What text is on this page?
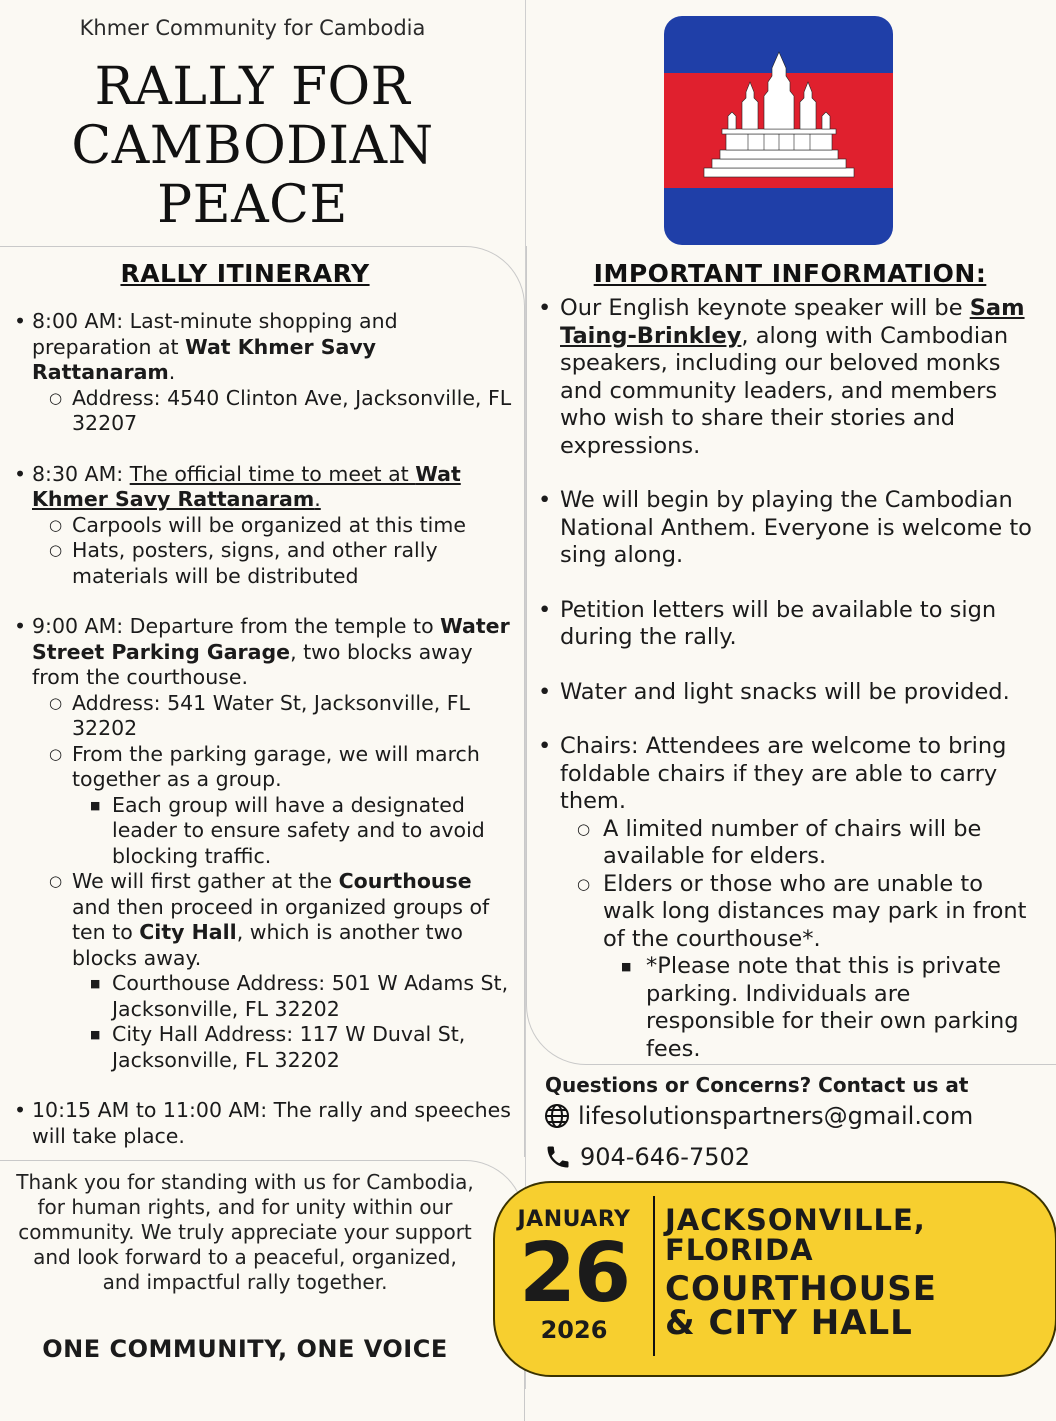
Khmer Community for Cambodia
RALLY FOR
CAMBODIAN
PEACE
RALLY ITINERARY
• 8:00 AM: Last-minute shopping and preparation at Wat Khmer Savy Rattanaram.
○ Address: 4540 Clinton Ave, Jacksonville, FL 32207
• 8:30 AM: The official time to meet at Wat Khmer Savy Rattanaram.
○ Carpools will be organized at this time
○ Hats, posters, signs, and other rally materials will be distributed
• 9:00 AM: Departure from the temple to Water Street Parking Garage, two blocks away from the courthouse.
○ Address: 541 Water St, Jacksonville, FL 32202
○ From the parking garage, we will march together as a group.
■ Each group will have a designated leader to ensure safety and to avoid blocking traffic.
○ We will first gather at the Courthouse and then proceed in organized groups of ten to City Hall, which is another two blocks away.
■ Courthouse Address: 501 W Adams St, Jacksonville, FL 32202
■ City Hall Address: 117 W Duval St, Jacksonville, FL 32202
• 10:15 AM to 11:00 AM: The rally and speeches will take place.
IMPORTANT INFORMATION:
• Our English keynote speaker will be Sam Taing-Brinkley, along with Cambodian speakers, including our beloved monks and community leaders, and members who wish to share their stories and expressions.
• We will begin by playing the Cambodian National Anthem. Everyone is welcome to sing along.
• Petition letters will be available to sign during the rally.
• Water and light snacks will be provided.
• Chairs: Attendees are welcome to bring foldable chairs if they are able to carry them.
○ A limited number of chairs will be available for elders.
○ Elders or those who are unable to walk long distances may park in front of the courthouse*.
■ *Please note that this is private parking. Individuals are responsible for their own parking fees.
Questions or Concerns? Contact us at
lifesolutionspartners@gmail.com
904-646-7502
Thank you for standing with us for Cambodia, for human rights, and for unity within our community. We truly appreciate your support and look forward to a peaceful, organized, and impactful rally together.
ONE COMMUNITY, ONE VOICE
JANUARY
26
2026
JACKSONVILLE,
FLORIDA
COURTHOUSE
& CITY HALL
